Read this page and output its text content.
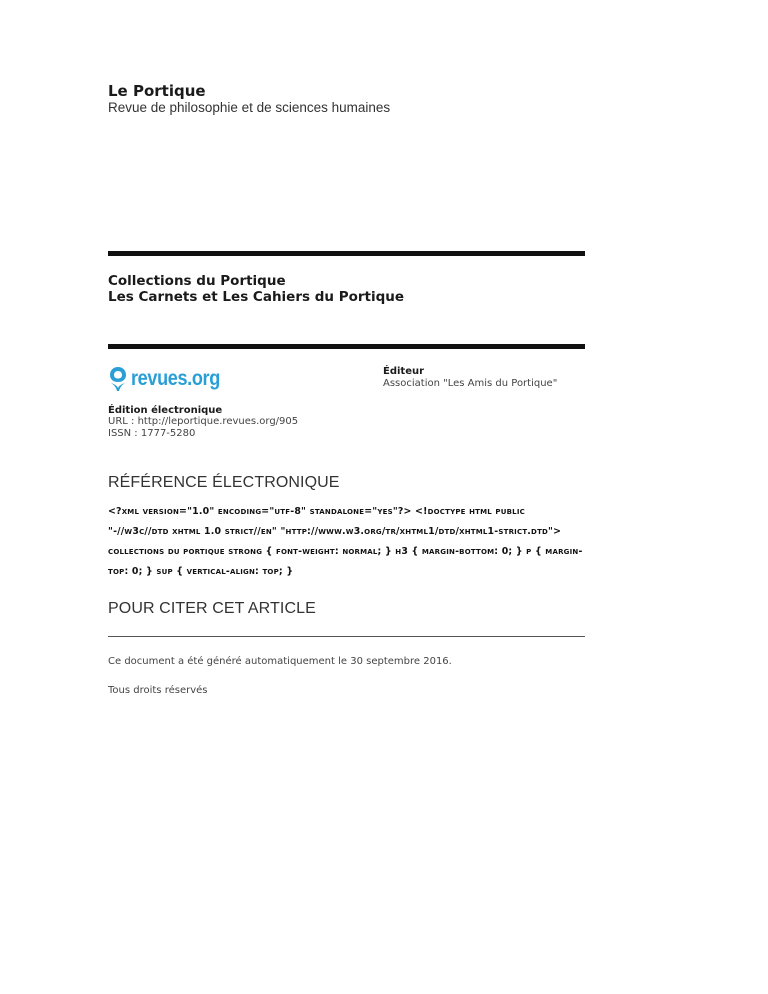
Le Portique
Revue de philosophie et de sciences humaines
Collections du Portique
Les Carnets et Les Cahiers du Portique
revues.org	Éditeur
Association "Les Amis du Portique"
Édition électronique
URL : http://leportique.revues.org/905
ISSN : 1777-5280
RÉFÉRENCE ÉLECTRONIQUE
<?xml version="1.0" encoding="utf-8" standalone="yes"?> <!doctype html public "-//w3c//dtd xhtml 1.0 strict//en" "http://www.w3.org/tr/xhtml1/dtd/xhtml1-strict.dtd"> collections du portique strong { font-weight: normal; } h3 { margin-bottom: 0; } p { margin-top: 0; } sup { vertical-align: top; }
POUR CITER CET ARTICLE
Ce document a été généré automatiquement le 30 septembre 2016.
Tous droits réservés
